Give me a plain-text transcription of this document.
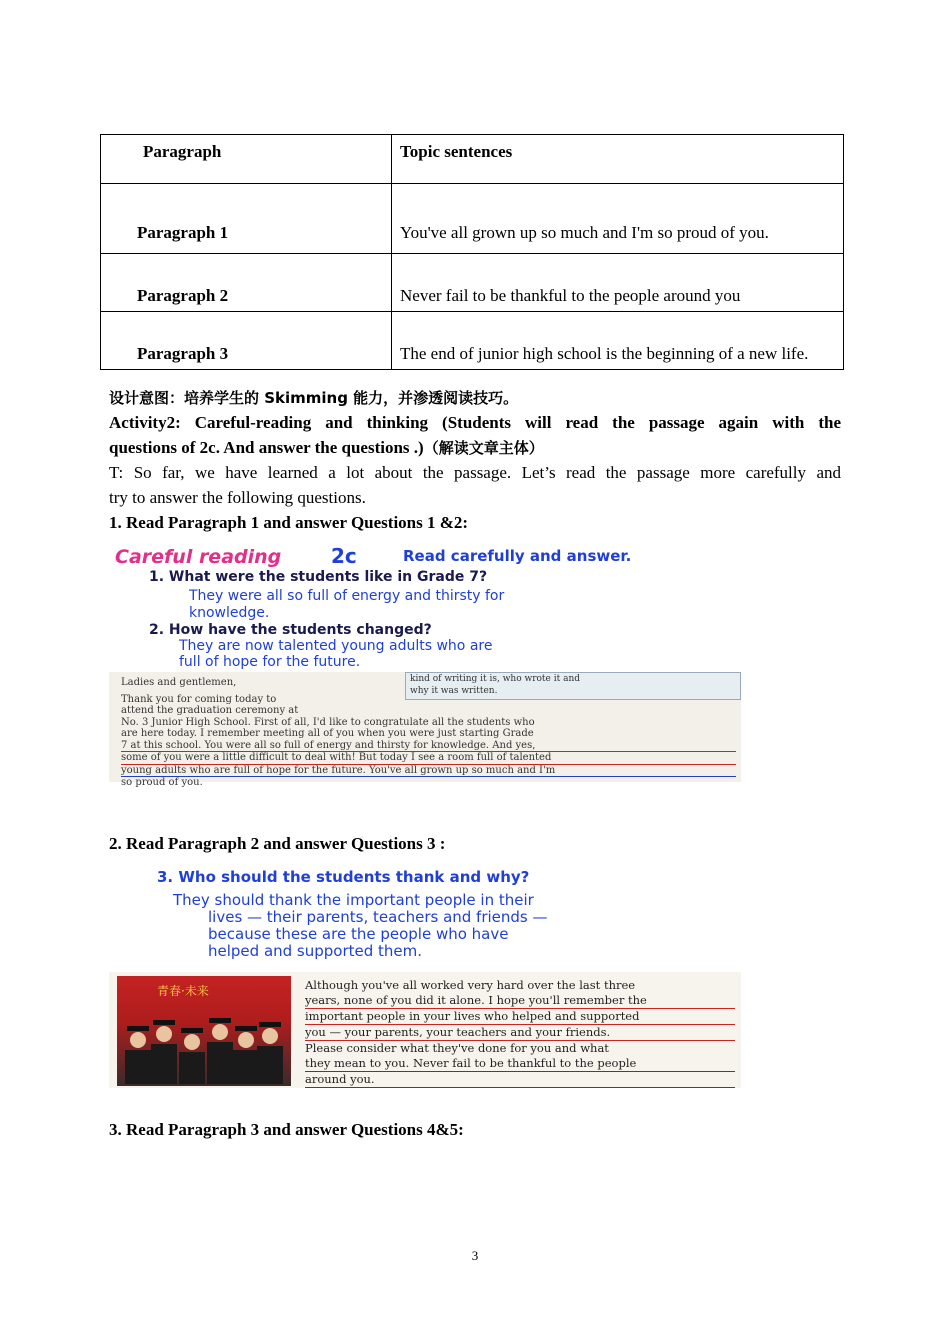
Paragraph	Topic sentences
Paragraph 1	You've all grown up so much and I'm so proud of you.
Paragraph 2	Never fail to be thankful to the people around you
Paragraph 3	The end of junior high school is the beginning of a new life.
设计意图：培养学生的 Skimming 能力，并渗透阅读技巧。
Activity2: Careful-reading and thinking (Students will read the passage again with the
questions of 2c. And answer the questions .)（解读文章主体）
T: So far, we have learned a lot about the passage. Let’s read the passage more carefully and
try to answer the following questions.
1. Read Paragraph 1 and answer Questions 1 &2:
Careful reading 2c	Read carefully and answer.
1. What were the students like in Grade 7?
They were all so full of energy and thirsty for
knowledge.
2. How have the students changed?
They are now talented young adults who are
full of hope for the future.
kind of writing it is, who wrote it and
why it was written.
Ladies and gentlemen,
Thank you for coming today to
attend the graduation ceremony at
No. 3 Junior High School. First of all, I'd like to congratulate all the students who
are here today. I remember meeting all of you when you were just starting Grade
7 at this school. You were all so full of energy and thirsty for knowledge. And yes,
some of you were a little difficult to deal with! But today I see a room full of talented
young adults who are full of hope for the future. You've all grown up so much and I'm
so proud of you.
2. Read Paragraph 2 and answer Questions 3 :
3. Who should the students thank and why?
They should thank the important people in their
lives — their parents, teachers and friends —
because these are the people who have
helped and supported them.
青春·未来	Although you've all worked very hard over the last three
years, none of you did it alone. I hope you'll remember the
important people in your lives who helped and supported
you — your parents, your teachers and your friends.
Please consider what they've done for you and what
they mean to you. Never fail to be thankful to the people
around you.
3. Read Paragraph 3 and answer Questions 4&5:
3
